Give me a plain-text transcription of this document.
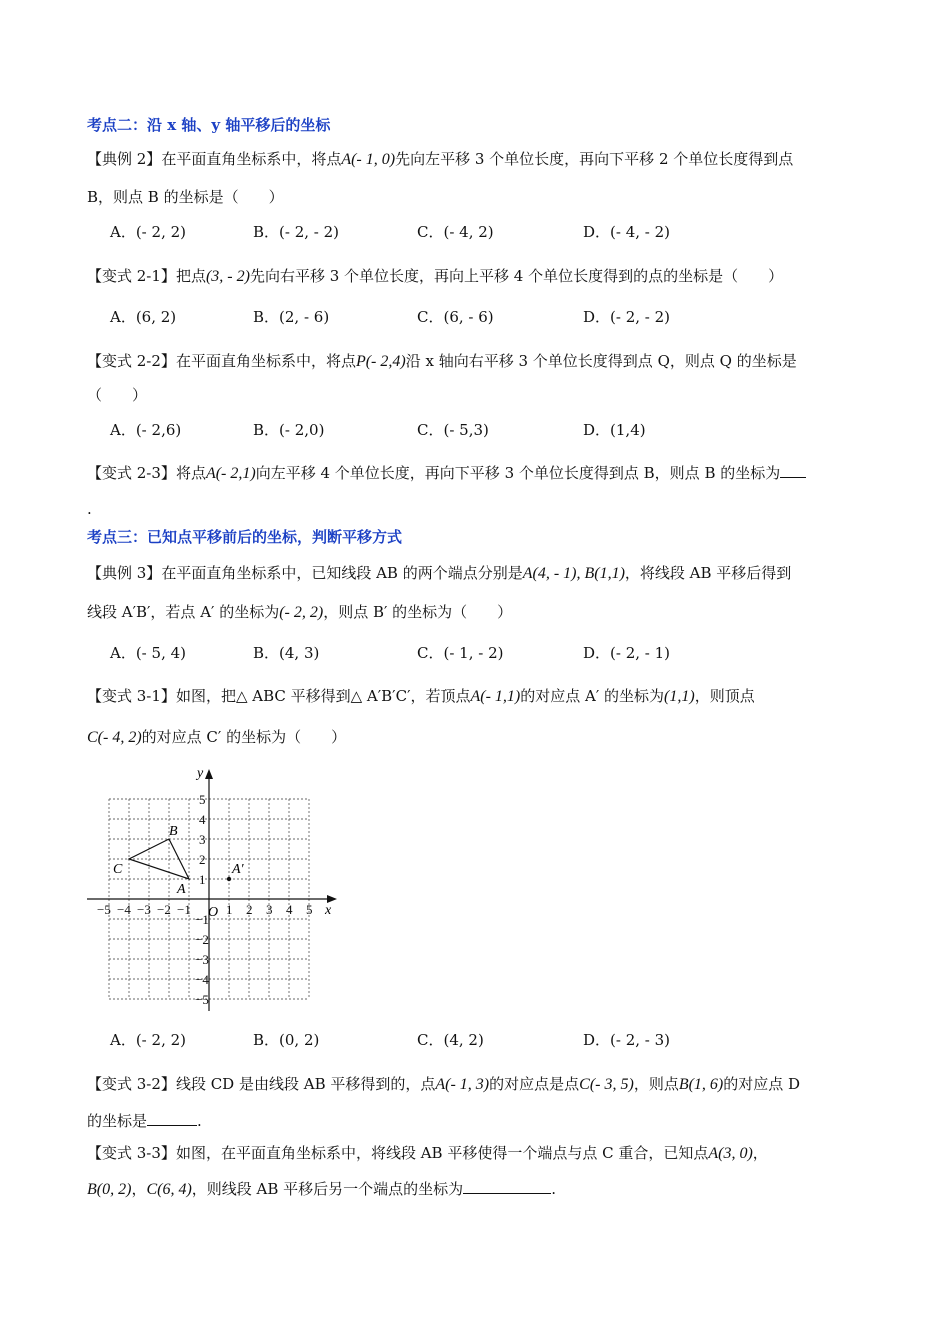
考点二：沿 x 轴、y 轴平移后的坐标
【典例 2】在平面直角坐标系中，将点A(- 1, 0)先向左平移 3 个单位长度，再向下平移 2 个单位长度得到点
B，则点 B 的坐标是（　　）
A．(- 2, 2)	B．(- 2, - 2)	C．(- 4, 2)	D．(- 4, - 2)
【变式 2-1】把点(3, - 2)先向右平移 3 个单位长度，再向上平移 4 个单位长度得到的点的坐标是（　　）
A．(6, 2)	B．(2, - 6)	C．(6, - 6)	D．(- 2, - 2)
【变式 2-2】在平面直角坐标系中，将点P(- 2,4)沿 x 轴向右平移 3 个单位长度得到点 Q，则点 Q 的坐标是
（　　）
A．(- 2,6)	B．(- 2,0)	C．(- 5,3)	D．(1,4)
【变式 2-3】将点A(- 2,1)向左平移 4 个单位长度，再向下平移 3 个单位长度得到点 B，则点 B 的坐标为
.
考点三：已知点平移前后的坐标，判断平移方式
【典例 3】在平面直角坐标系中，已知线段 AB 的两个端点分别是A(4, - 1), B(1,1)，将线段 AB 平移后得到
线段 A′B′，若点 A′ 的坐标为(- 2, 2)，则点 B′ 的坐标为（　　）
A．(- 5, 4)	B．(4, 3)	C．(- 1, - 2)	D．(- 2, - 1)
【变式 3-1】如图，把△ ABC 平移得到△ A′B′C′，若顶点A(- 1,1)的对应点 A′ 的坐标为(1,1)，则顶点
C(- 4, 2)的对应点 C′ 的坐标为（　　）
x
y
O
−5 −4 −3 −2 −1	1 2 3 4 5
1
2
3
4
5
−1
−2
−3
−4
−5
A
B
C	A′
A．(- 2, 2)	B．(0, 2)	C．(4, 2)	D．(- 2, - 3)
【变式 3-2】线段 CD 是由线段 AB 平移得到的，点A(- 1, 3)的对应点是点C(- 3, 5)，则点B(1, 6)的对应点 D
的坐标是	.
【变式 3-3】如图，在平面直角坐标系中，将线段 AB 平移使得一个端点与点 C 重合，已知点A(3, 0)，
B(0, 2)，C(6, 4)，则线段 AB 平移后另一个端点的坐标为	.
